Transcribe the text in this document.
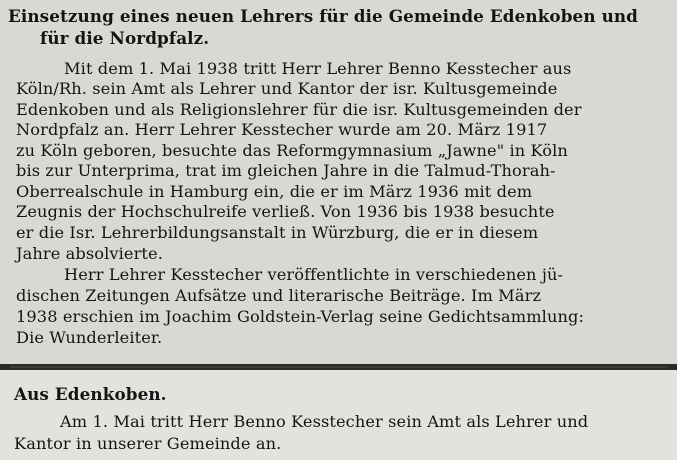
Einsetzung eines neuen Lehrers für die Gemeinde Edenkoben und
für die Nordpfalz.
Mit dem 1. Mai 1938 tritt Herr Lehrer Benno Kesstecher aus
Köln/Rh. sein Amt als Lehrer und Kantor der isr. Kultusgemeinde
Edenkoben und als Religionslehrer für die isr. Kultusgemeinden der
Nordpfalz an. Herr Lehrer Kesstecher wurde am 20. März 1917
zu Köln geboren, besuchte das Reformgymnasium „Jawne" in Köln
bis zur Unterprima, trat im gleichen Jahre in die Talmud-Thorah-
Oberrealschule in Hamburg ein, die er im März 1936 mit dem
Zeugnis der Hochschulreife verließ. Von 1936 bis 1938 besuchte
er die Isr. Lehrerbildungsanstalt in Würzburg, die er in diesem
Jahre absolvierte.
Herr Lehrer Kesstecher veröffentlichte in verschiedenen jü-
dischen Zeitungen Aufsätze und literarische Beiträge. Im März
1938 erschien im Joachim Goldstein-Verlag seine Gedichtsammlung:
Die Wunderleiter.
Aus Edenkoben.
Am 1. Mai tritt Herr Benno Kesstecher sein Amt als Lehrer und
Kantor in unserer Gemeinde an.
